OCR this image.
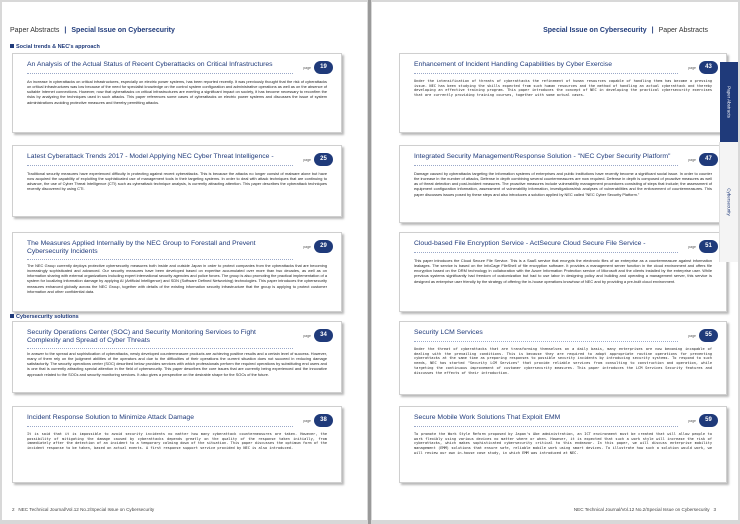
Paper Abstracts | Special Issue on Cybersecurity
Social trends & NEC's approach
An Analysis of the Actual Status of Recent Cyberattacks on Critical Infrastructures	page	19
An increase in cyberattacks on critical infrastructures, especially on electric power systems, has been reported recently. It was previously thought that the risk of cyberattacks on critical infrastructures was low because of the need for specialist knowledge on the control system configuration and administrative operations as well as on the absence of suitable Internet connections. However, now that cyberattacks on critical infrastructures are exerting a significant impact on society, it has become necessary to reconfirm the risks by analyzing the techniques used in such attacks. This paper references some cases of cyberattacks on electric power systems and discusses the issue of system administrations avoiding protective measures and thereby permitting attacks.
Latest Cyberattack Trends 2017 - Model Applying NEC Cyber Threat Intelligence -	page	25
Traditional security measures have experienced difficulty in protecting against recent cyberattacks. This is because the attacks no longer consist of malware alone but have now acquired the capability of exploiting the sophisticated use of management tools in their targeting systems. In order to deal with attack techniques that are continuing to advance, the use of Cyber Threat Intelligence (CTI) such as cyberattack technique analysis, is currently attracting attention. This paper describes the cyberattack techniques recently discovered by using CTI.
The Measures Applied Internally by the NEC Group to Forestall and Prevent Cybersecurity Incidents
page	29
The NEC Group currently deploys protective cybersecurity measures both inside and outside Japan in order to protect companies from the cyberattacks that are becoming increasingly sophisticated and advanced. Our security measures have been developed based on expertise accumulated over more than two decades, as well as on information sharing with external organizations including expert international security agencies and police forces. The group is also promoting the practical implementation of a system for localizing information damage by applying AI (Artificial Intelligence) and SDN (Software Defined Networking) technologies. This paper introduces the cybersecurity measures enhanced globally across the NEC Group, together with details of the existing information security infrastructure that the group is applying to protect customer information and other confidential data.
Cybersecurity solutions
Security Operations Center (SOC) and Security Monitoring Services to Fight Complexity and Spread of Cyber Threats
page	34
In answer to the spread and sophistication of cyberattacks, newly developed countermeasure products are achieving positive results and a certain level of success. However, many of them rely on the judgment abilities of the operators and due to the difficulties of their operations the current situation does not succeed in reducing damage satisfactorily. The security operations center (SOC) described below provides services with which professionals perform the required operations by substituting end users and is one that is currently attracting special attention in the field of cybersecurity. This paper describes the core issues that are currently being experienced and the innovative approach related to the SOCs and security monitoring services. It also gives a perspective on the desirable shape for the SOCs of the future.
Incident Response Solution to Minimize Attack Damage	page	38
It is said that it is impossible to avoid security incidents no matter how many cyberattack countermeasures are taken. However, the possibility of mitigating the damage caused by cyberattacks depends greatly on the quality of the response taken initially, from immediately after the detection of an incident to a temporary calming down of the situation. This paper discusses the optimum form of the incident response to be taken, based on actual events. A first response support service provided by NEC is also introduced.
2 NEC Technical Journal/Vol.12 No.2/Special Issue on Cybersecurity
Special Issue on Cybersecurity | Paper Abstracts
Enhancement of Incident Handling Capabilities by Cyber Exercise	page	43
Under the intensification of threats of cyberattacks the refinement of human resources capable of handling them has become a pressing issue. NEC has been studying the skills expected from such human resources and the method of handling an actual cyberattack and thereby developing an effective training program. This paper introduces the concept of NEC in developing the practical cybersecurity exercises that are currently providing training courses, together with some actual cases.
Integrated Security Management/Response Solution - "NEC Cyber Security Platform"	page	47
Damage caused by cyberattacks targeting the information systems of enterprises and public institutions have recently become a significant social issue. In order to counter the increase in the number of attacks, Defense in depth combining several countermeasures are now required. Defense in depth is composed of proactive measures as well as of threat detection and post-incident measures. The proactive measures include vulnerability management procedures consisting of steps that include; the assessment of equipment configuration information, assessment of vulnerability information, investigations/risk analyses of vulnerabilities and the enforcement of countermeasures. This paper discusses issues posed by these steps and also introduces a solution applied by NEC called "NEC Cyber Security Platform."
Cloud-based File Encryption Service - ActSecure Cloud Secure File Service -	page	51
This paper introduces the Cloud Secure File Service. This is a SaaS service that encrypts the electronic files of an enterprise as a countermeasure against information leakages. The service is based on the InfoCage FileShell of file encryption software. It provides a management server function in the cloud environment and offers file encryption based on the DRM technology in collaboration with the Azure Information Protection service of Microsoft and the clients installed by the enterprise user. While previous systems significantly had freedom of customization but had to use labor in designing policy and building and operating a management server, this service is designed as enterprise user friendly by the strategy of offering the in-house operations knowhow of NEC and by providing a pre-built cloud environment.
Security LCM Services	page	55
Under the threat of cyberattacks that are transforming themselves on a daily basis, many enterprises are now becoming incapable of dealing with the prevailing conditions. This is because they are required to adopt appropriate routine operations for preventing cyberattacks at the same time as preparing responses to possible security incidents by introducing security systems. To respond to such needs, NEC has started "Security LCM Services" that provide reliable services from consulting to construction and operation, while targeting the continuous improvement of customer cybersecurity measures. This paper introduces the LCM Services Security features and discusses the effects of their introduction.
Secure Mobile Work Solutions That Exploit EMM	page	59
To promote the Work Style Reform proposed by Japan's Abe administration, an ICT environment must be created that will allow people to work flexibly using various devices no matter where or when. However, it is expected that such a work style will increase the risk of cyberattacks, which makes sophisticated cybersecurity critical to this endeavor. In this paper, we will discuss enterprise mobility management (EMM) solutions that ensure safe, reliable mobile work using smart devices. To illustrate how such a solution would work, we will review our own in-house case study, in which EMM was introduced at NEC.
Paper Abstracts
Cybersecurity
NEC Technical Journal/Vol.12 No.2/Special Issue on Cybersecurity 3
